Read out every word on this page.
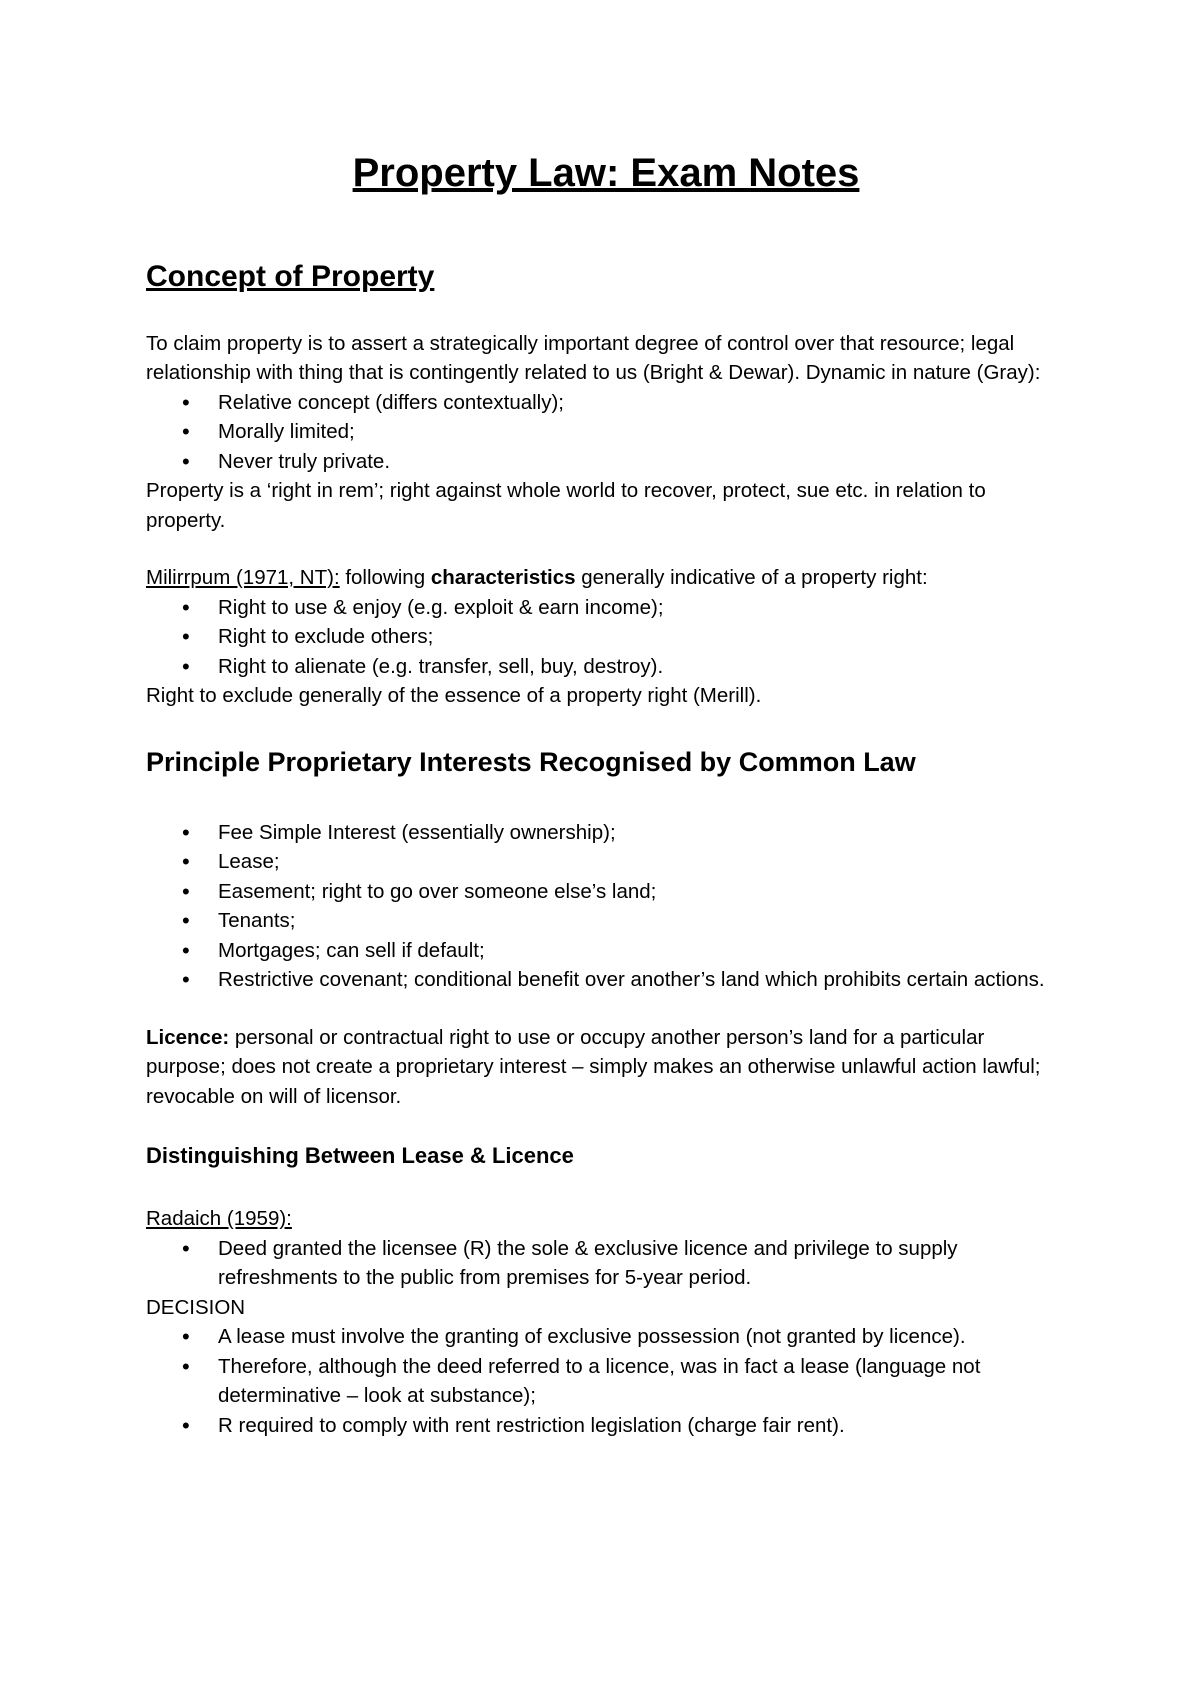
Property Law: Exam Notes
Concept of Property

To claim property is to assert a strategically important degree of control over that resource; legal relationship with thing that is contingently related to us (Bright & Dewar). Dynamic in nature (Gray):

• Relative concept (differs contextually);
• Morally limited;
• Never truly private.

Property is a ‘right in rem’; right against whole world to recover, protect, sue etc. in relation to property.

Milirrpum (1971, NT): following characteristics generally indicative of a property right:

• Right to use & enjoy (e.g. exploit & earn income);
• Right to exclude others;
• Right to alienate (e.g. transfer, sell, buy, destroy).

Right to exclude generally of the essence of a property right (Merill).

Principle Proprietary Interests Recognised by Common Law
• Fee Simple Interest (essentially ownership);
• Lease;
• Easement; right to go over someone else’s land;
• Tenants;
• Mortgages; can sell if default;
• Restrictive covenant; conditional benefit over another’s land which prohibits certain actions.

Licence: personal or contractual right to use or occupy another person’s land for a particular purpose; does not create a proprietary interest – simply makes an otherwise unlawful action lawful; revocable on will of licensor.

Distinguishing Between Lease & Licence

Radaich (1959):

• Deed granted the licensee (R) the sole & exclusive licence and privilege to supply refreshments to the public from premises for 5-year period.

DECISION

• A lease must involve the granting of exclusive possession (not granted by licence).
• Therefore, although the deed referred to a licence, was in fact a lease (language not determinative – look at substance);
• R required to comply with rent restriction legislation (charge fair rent).
